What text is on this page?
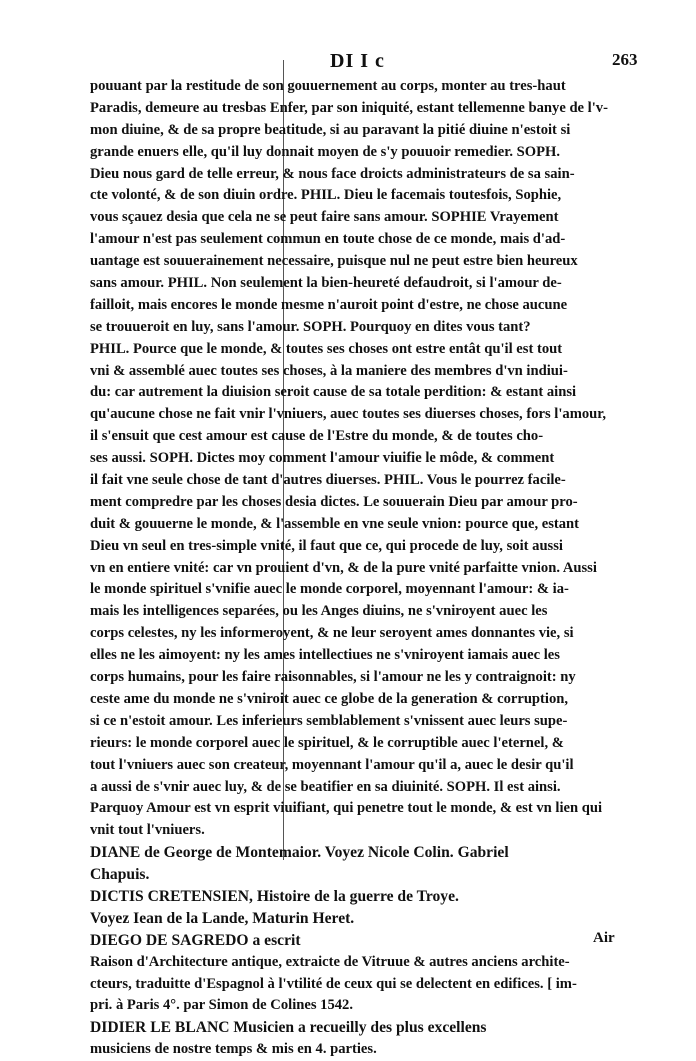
DI I c	263
pouuant par la restitude de son gouuernement au corps, monter au tres-haut
Paradis, demeure au tresbas Enfer, par son iniquité, estant tellemenne banye de l'v-
mon diuine, & de sa propre beatitude, si au paravant la pitié diuine n'estoit si
grande enuers elle, qu'il luy donnait moyen de s'y pouuoir remedier. SOPH.
Dieu nous gard de telle erreur, & nous face droicts administrateurs de sa sain-
cte volonté, & de son diuin ordre. PHIL. Dieu le facemais toutesfois, Sophie,
vous sçauez desia que cela ne se peut faire sans amour. SOPHIE Vrayement
l'amour n'est pas seulement commun en toute chose de ce monde, mais d'ad-
uantage est souuerainement necessaire, puisque nul ne peut estre bien heureux
sans amour. PHIL. Non seulement la bien-heureté defaudroit, si l'amour de-
failloit, mais encores le monde mesme n'auroit point d'estre, ne chose aucune
se trouueroit en luy, sans l'amour. SOPH. Pourquoy en dites vous tant?
PHIL. Pource que le monde, & toutes ses choses ont estre entât qu'il est tout
vni & assemblé auec toutes ses choses, à la maniere des membres d'vn indiui-
du: car autrement la diuision seroit cause de sa totale perdition: & estant ainsi
qu'aucune chose ne fait vnir l'vniuers, auec toutes ses diuerses choses, fors l'amour,
il s'ensuit que cest amour est cause de l'Estre du monde, & de toutes cho-
ses aussi. SOPH. Dictes moy comment l'amour viuifie le môde, & comment
il fait vne seule chose de tant d'autres diuerses. PHIL. Vous le pourrez facile-
ment compredre par les choses desia dictes. Le souuerain Dieu par amour pro-
duit & gouuerne le monde, & l'assemble en vne seule vnion: pource que, estant
Dieu vn seul en tres-simple vnité, il faut que ce, qui procede de luy, soit aussi
vn en entiere vnité: car vn prouient d'vn, & de la pure vnité parfaitte vnion. Aussi
le monde spirituel s'vnifie auec le monde corporel, moyennant l'amour: & ia-
mais les intelligences separées, ou les Anges diuins, ne s'vniroyent auec les
corps celestes, ny les informeroyent, & ne leur seroyent ames donnantes vie, si
elles ne les aimoyent: ny les ames intellectiues ne s'vniroyent iamais auec les
corps humains, pour les faire raisonnables, si l'amour ne les y contraignoit: ny
ceste ame du monde ne s'vniroit auec ce globe de la generation & corruption,
si ce n'estoit amour. Les inferieurs semblablement s'vnissent auec leurs supe-
rieurs: le monde corporel auec le spirituel, & le corruptible auec l'eternel, &
tout l'vniuers auec son createur, moyennant l'amour qu'il a, auec le desir qu'il
a aussi de s'vnir auec luy, & de se beatifier en sa diuinité. SOPH. Il est ainsi.
Parquoy Amour est vn esprit viuifiant, qui penetre tout le monde, & est vn lien qui
vnit tout l'vniuers.
DIANE de George de Montemaior. Voyez Nicole Colin. Gabriel
Chapuis.
DICTIS CRETENSIEN, Histoire de la guerre de Troye.
Voyez Iean de la Lande, Maturin Heret.
DIEGO DE SAGREDO a escrit
Raison d'Architecture antique, extraicte de Vitruue & autres anciens archite-
cteurs, traduitte d'Espagnol à l'vtilité de ceux qui se delectent en edifices. [ im-
pri. à Paris 4°. par Simon de Colines 1542.
DIDIER LE BLANC Musicien a recueilly des plus excellens
musiciens de nostre temps & mis en 4. parties.
Air
